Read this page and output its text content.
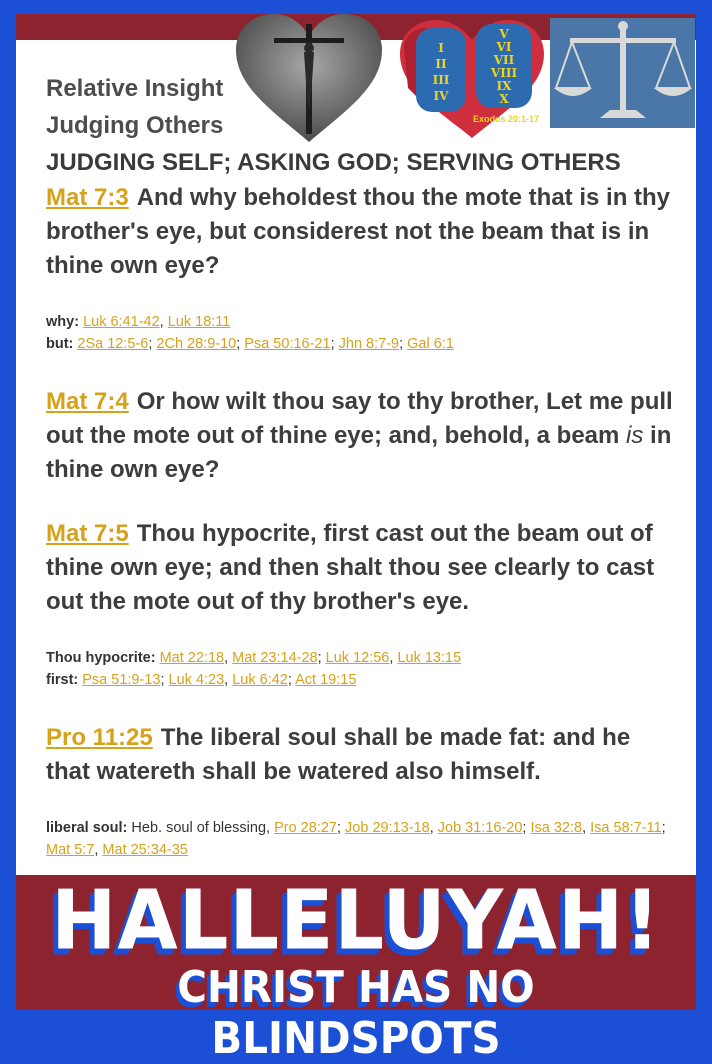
I
II
III
IV
V
VI
VII
VIII
IX
X
Exodus 20:1-17
Relative Insight
Judging Others
JUDGING SELF; ASKING GOD; SERVING OTHERS
Mat 7:3 And why beholdest thou the mote that is in thy brother's eye, but considerest not the beam that is in thine own eye?
why: Luk 6:41-42, Luk 18:11
but: 2Sa 12:5-6; 2Ch 28:9-10; Psa 50:16-21; Jhn 8:7-9; Gal 6:1
Mat 7:4 Or how wilt thou say to thy brother, Let me pull out the mote out of thine eye; and, behold, a beam is in thine own eye?
Mat 7:5 Thou hypocrite, first cast out the beam out of thine own eye; and then shalt thou see clearly to cast out the mote out of thy brother's eye.
Thou hypocrite: Mat 22:18, Mat 23:14-28; Luk 12:56, Luk 13:15
first: Psa 51:9-13; Luk 4:23, Luk 6:42; Act 19:15
Pro 11:25 The liberal soul shall be made fat: and he that watereth shall be watered also himself.
liberal soul: Heb. soul of blessing, Pro 28:27; Job 29:13-18, Job 31:16-20; Isa 32:8, Isa 58:7-11; Mat 5:7, Mat 25:34-35
HALLELUYAH!
CHRIST HAS NO BLINDSPOTS
